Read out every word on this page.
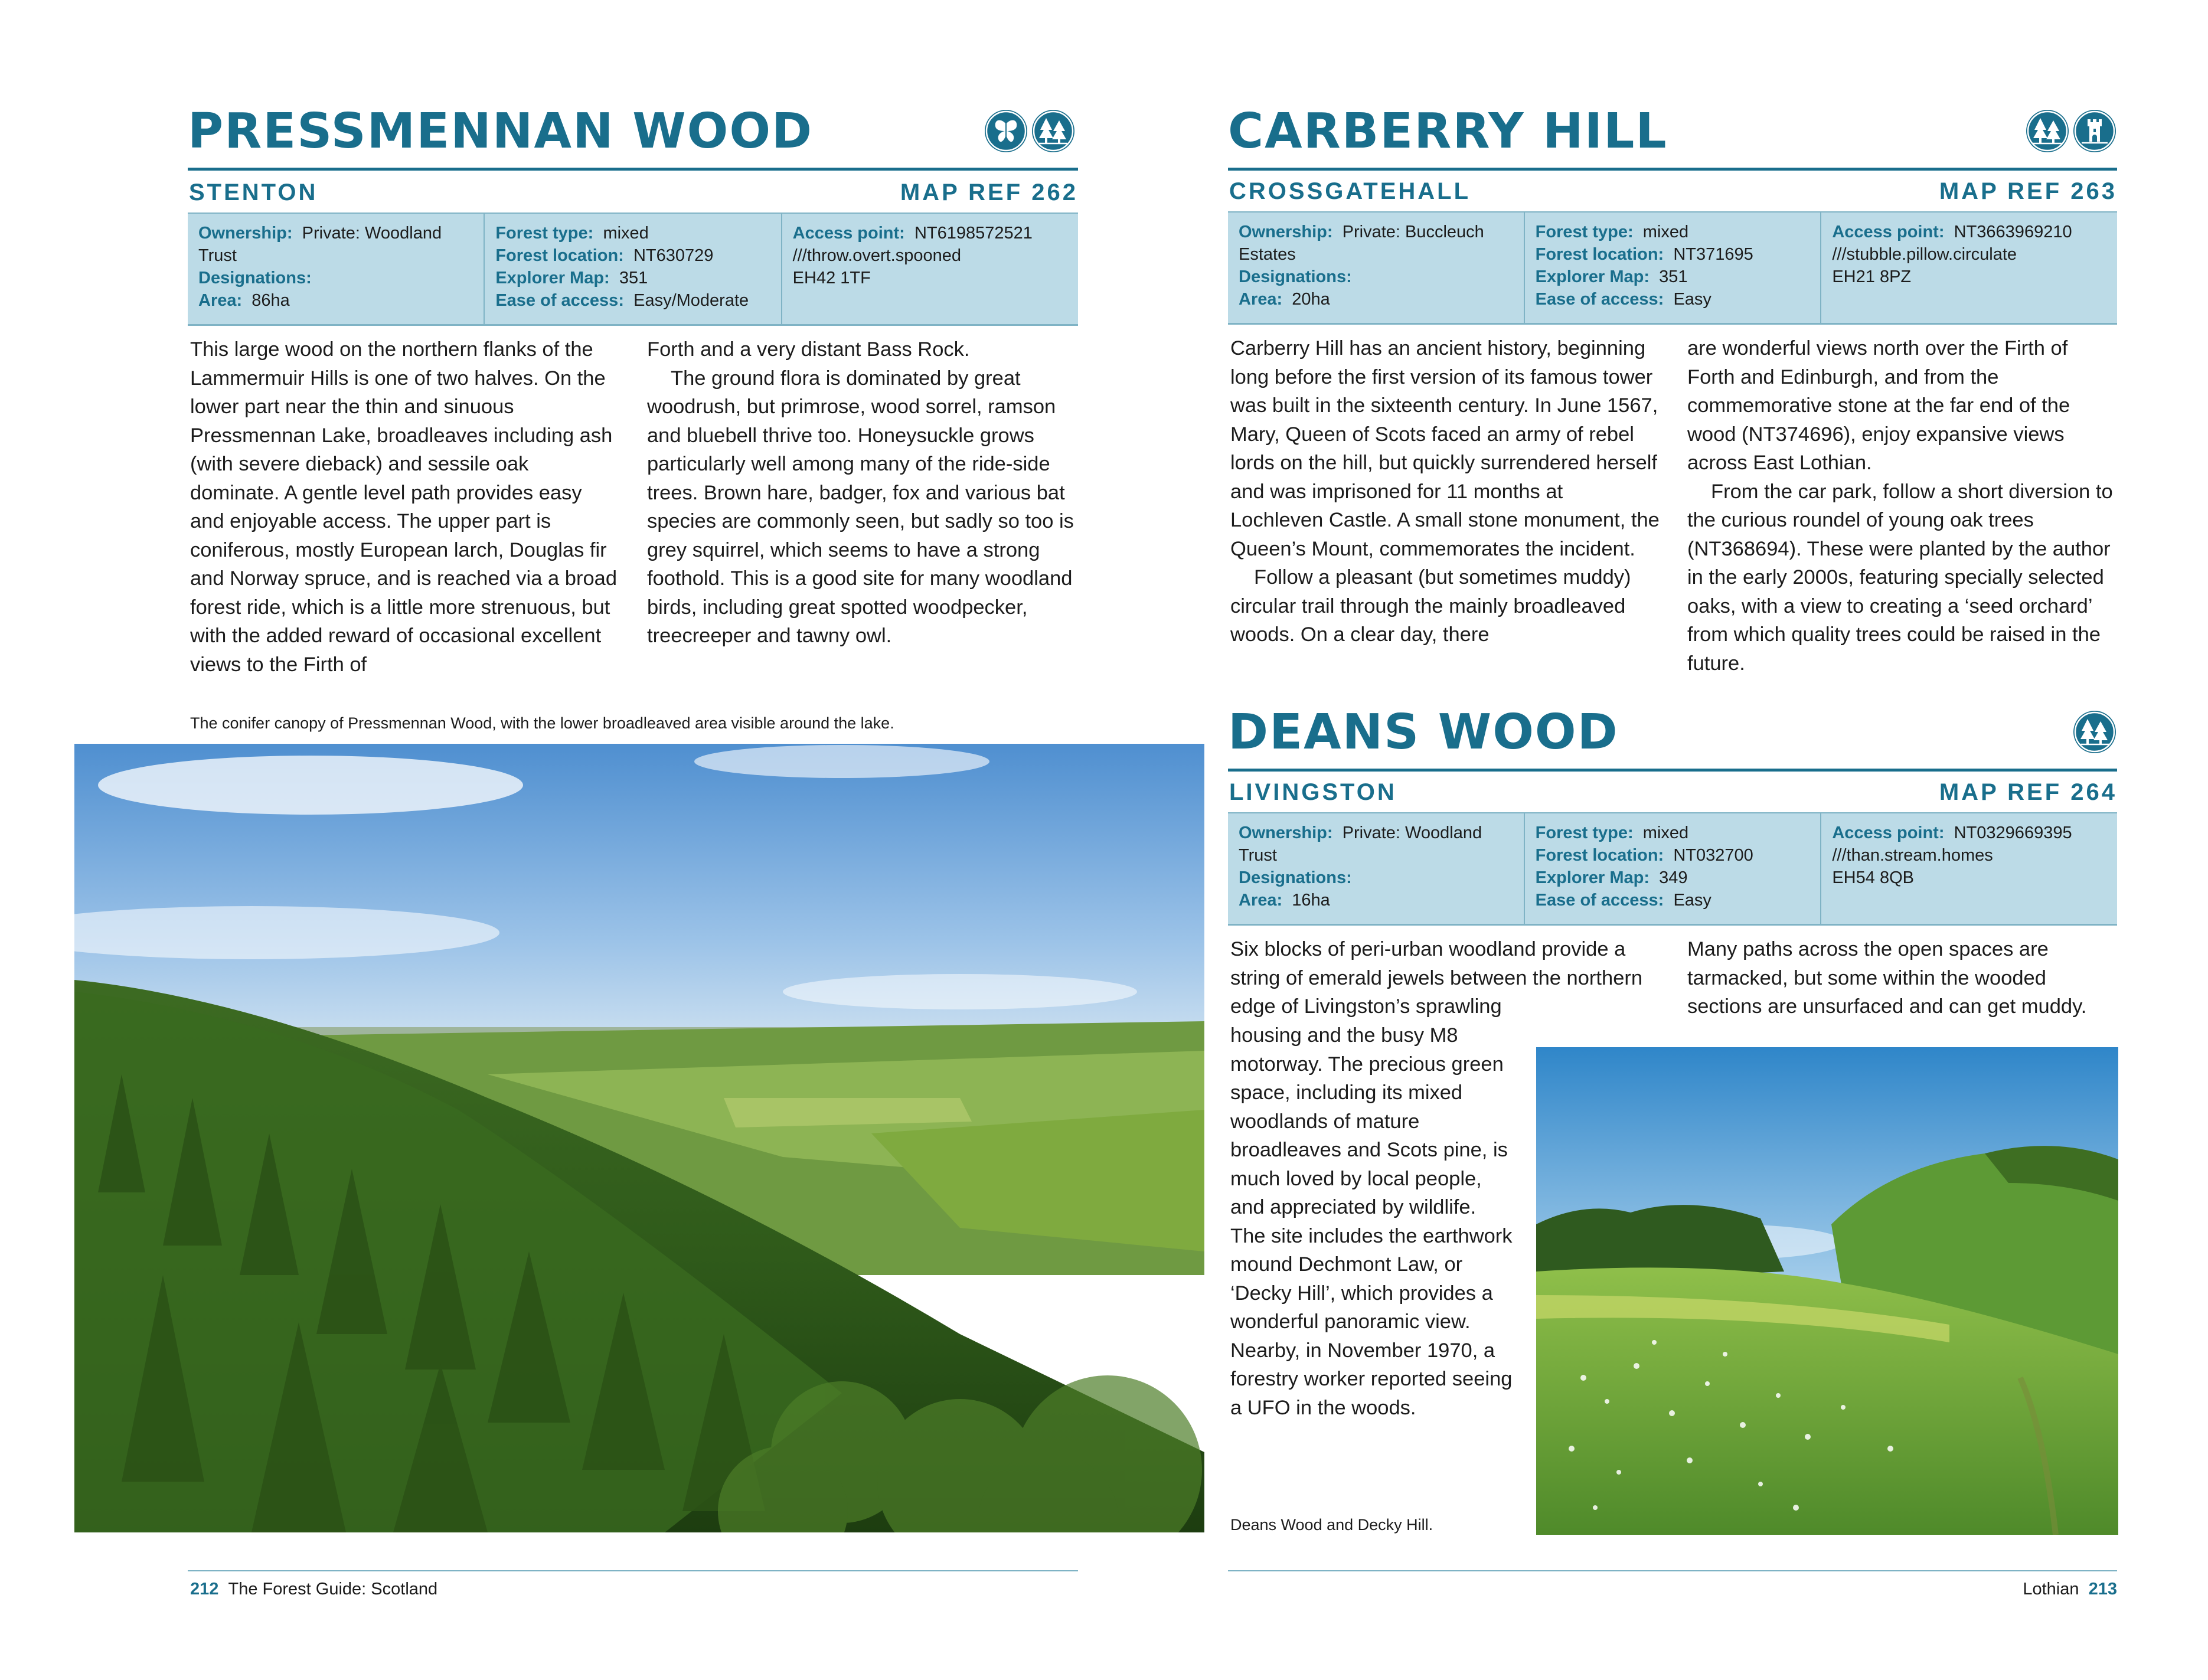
PRESSMENNAN WOOD
STENTON	MAP REF 262
Ownership: Private: Woodland Trust
Designations:
Area: 86ha
Forest type: mixed
Forest location: NT630729
Explorer Map: 351
Ease of access: Easy/Moderate
Access point: NT6198572521
///throw.overt.spooned
EH42 1TF

This large wood on the northern flanks of the Lammermuir Hills is one of two halves. On the lower part near the thin and sinuous Pressmennan Lake, broadleaves including ash (with severe dieback) and sessile oak dominate. A gentle level path provides easy and enjoyable access. The upper part is coniferous, mostly European larch, Douglas fir and Norway spruce, and is reached via a broad forest ride, which is a little more strenuous, but with the added reward of occasional excellent views to the Firth of

Forth and a very distant Bass Rock.

The ground flora is dominated by great woodrush, but primrose, wood sorrel, ramson and bluebell thrive too. Honeysuckle grows particularly well among many of the ride-side trees. Brown hare, badger, fox and various bat species are commonly seen, but sadly so too is grey squirrel, which seems to have a strong foothold. This is a good site for many woodland birds, including great spotted woodpecker, treecreeper and tawny owl.

The conifer canopy of Pressmennan Wood, with the lower broadleaved area visible around the lake.
212 The Forest Guide: Scotland
CARBERRY HILL
CROSSGATEHALL	MAP REF 263
Ownership: Private: Buccleuch Estates
Designations:
Area: 20ha
Forest type: mixed
Forest location: NT371695
Explorer Map: 351
Ease of access: Easy
Access point: NT3663969210
///stubble.pillow.circulate
EH21 8PZ

Carberry Hill has an ancient history, beginning long before the first version of its famous tower was built in the sixteenth century. In June 1567, Mary, Queen of Scots faced an army of rebel lords on the hill, but quickly surrendered herself and was imprisoned for 11 months at Lochleven Castle. A small stone monument, the Queen’s Mount, commemorates the incident.

Follow a pleasant (but sometimes muddy) circular trail through the mainly broadleaved woods. On a clear day, there

are wonderful views north over the Firth of Forth and Edinburgh, and from the commemorative stone at the far end of the wood (NT374696), enjoy expansive views across East Lothian.

From the car park, follow a short diversion to the curious roundel of young oak trees (NT368694). These were planted by the author in the early 2000s, featuring specially selected oaks, with a view to creating a ‘seed orchard’ from which quality trees could be raised in the future.

DEANS WOOD
LIVINGSTON	MAP REF 264
Ownership: Private: Woodland Trust
Designations:
Area: 16ha
Forest type: mixed
Forest location: NT032700
Explorer Map: 349
Ease of access: Easy
Access point: NT0329669395
///than.stream.homes
EH54 8QB

Six blocks of peri-urban woodland provide a string of emerald jewels between the northern edge of Livingston’s sprawling

housing and the busy M8 motorway. The precious green space, including its mixed woodlands of mature broadleaves and Scots pine, is much loved by local people, and appreciated by wildlife. The site includes the earthwork mound Dechmont Law, or ‘Decky Hill’, which provides a wonderful panoramic view. Nearby, in November 1970, a forestry worker reported seeing a UFO in the woods.

Many paths across the open spaces are tarmacked, but some within the wooded sections are unsurfaced and can get muddy.

Deans Wood and Decky Hill.
Lothian 213
